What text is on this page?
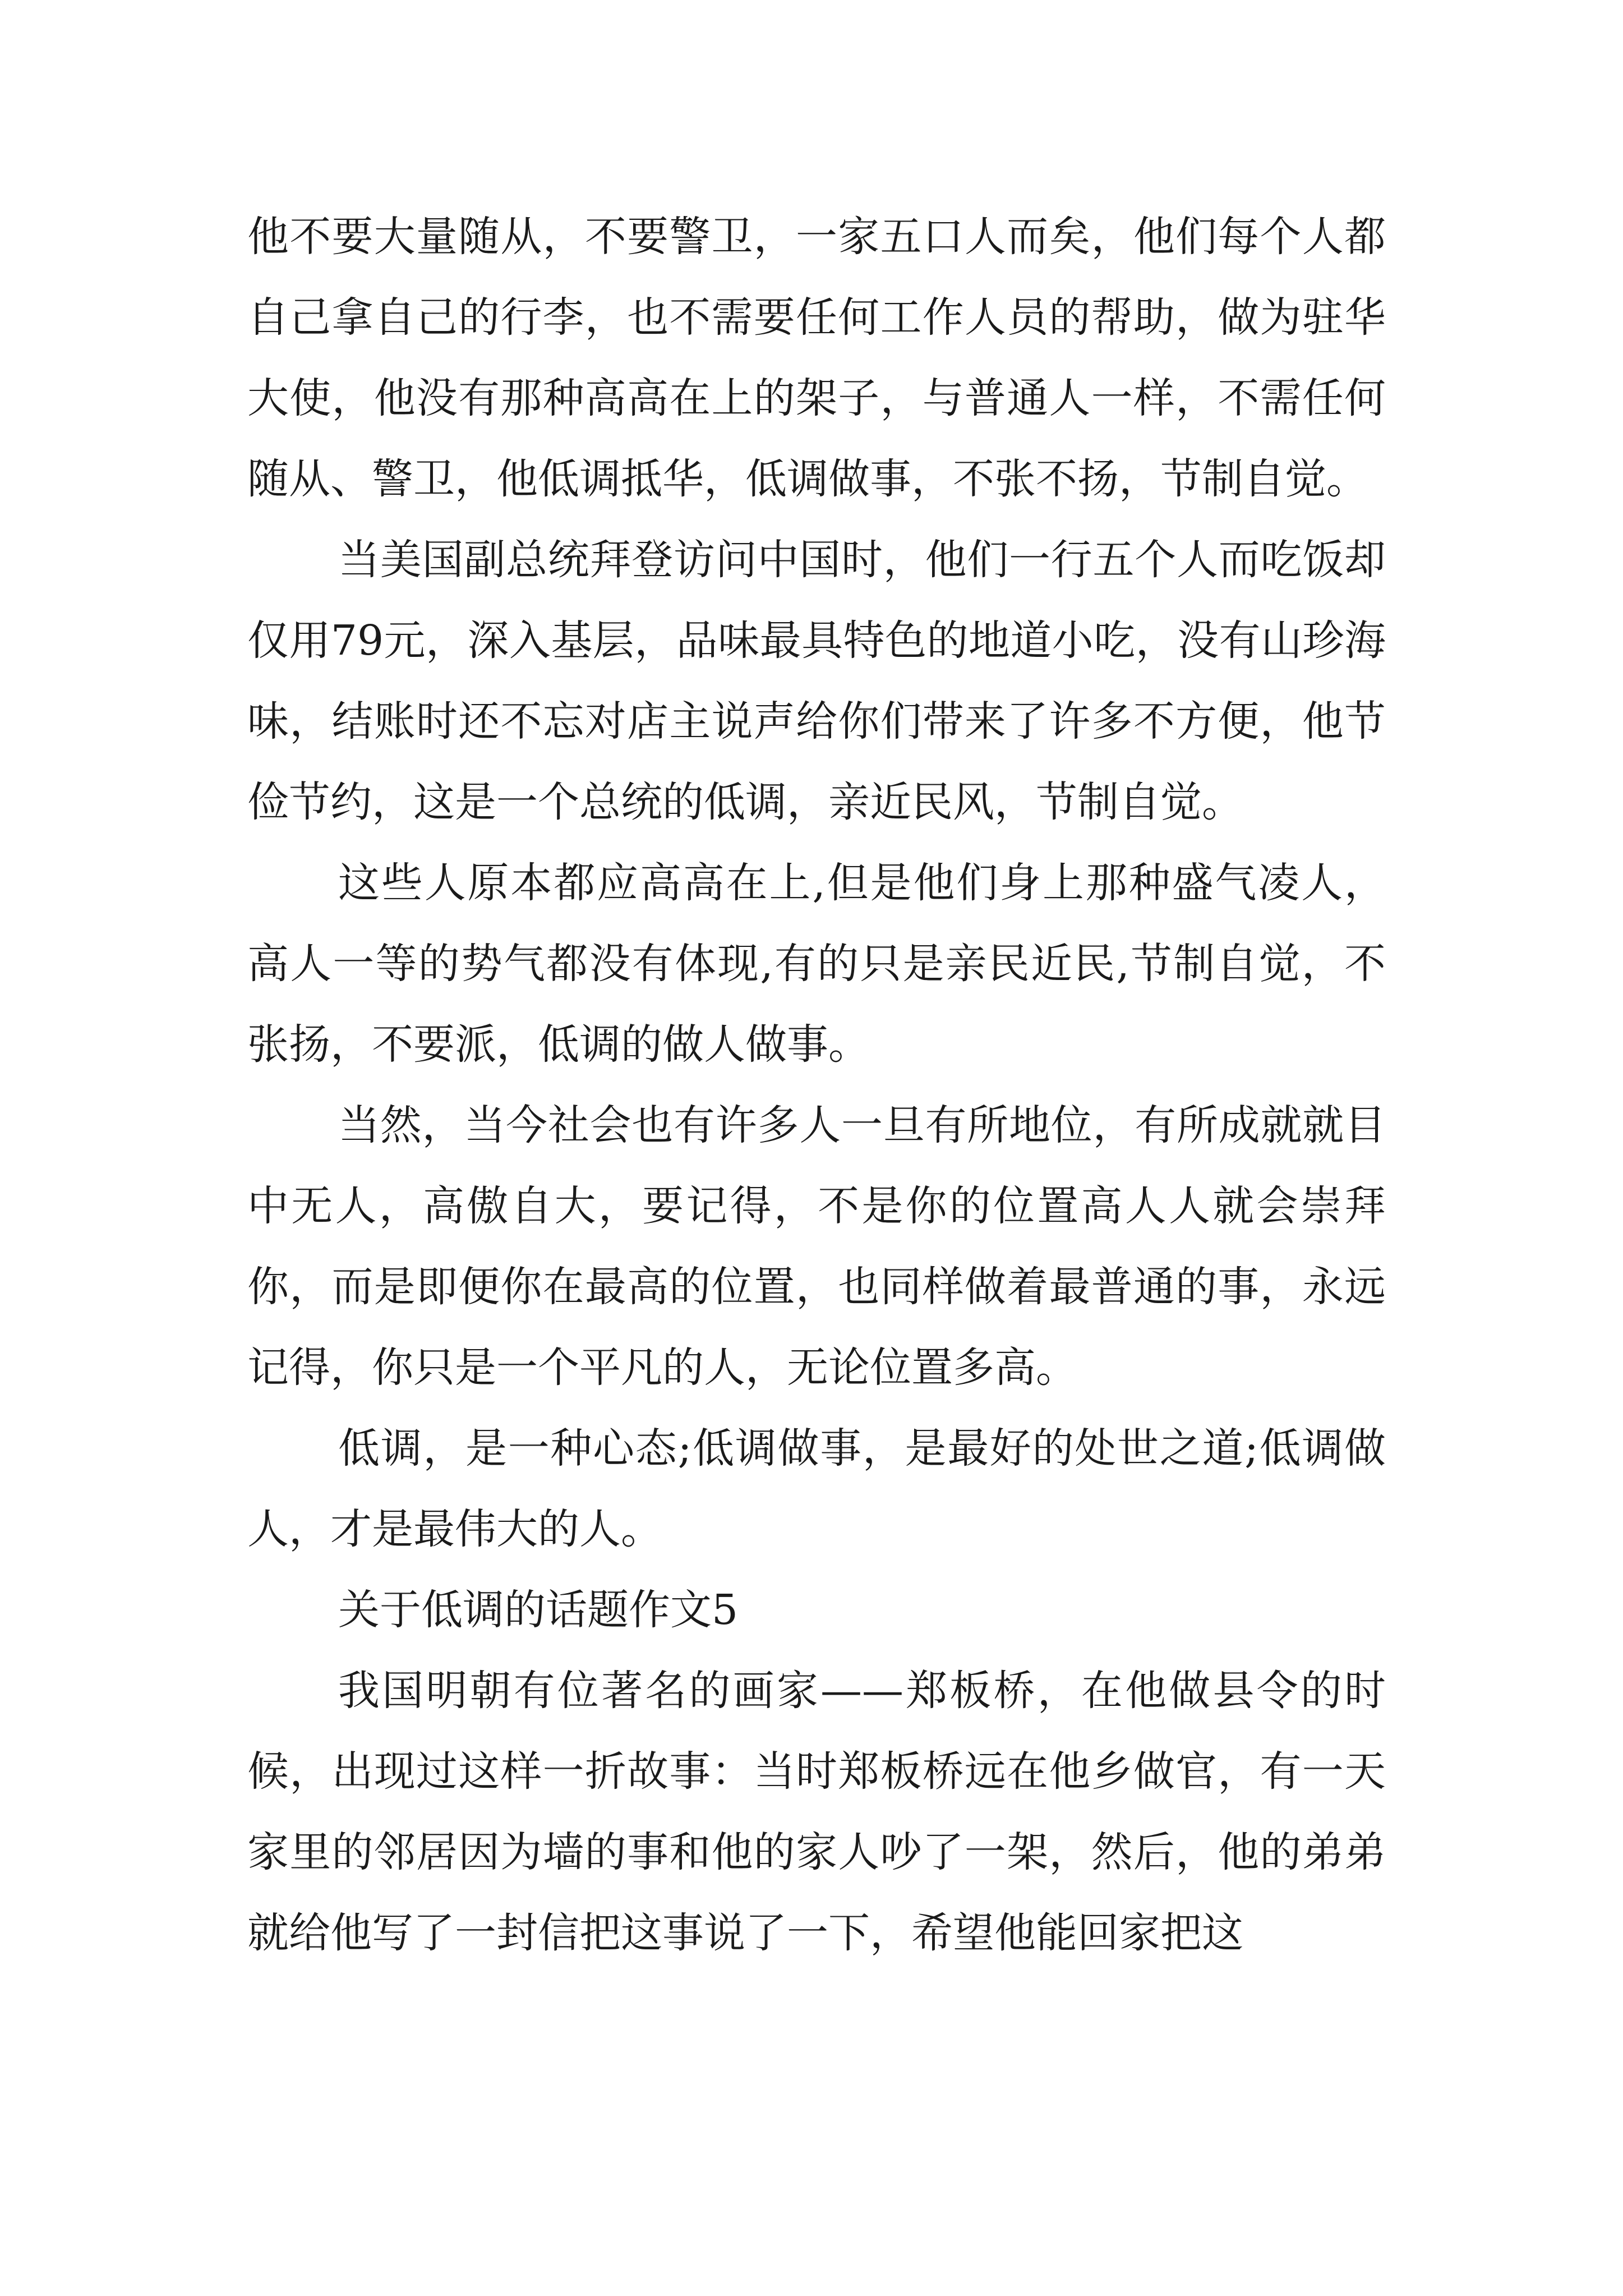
他不要大量随从，不要警卫，一家五口人而矣，他们每个人都自己拿自己的行李，也不需要任何工作人员的帮助，做为驻华大使，他没有那种高高在上的架子，与普通人一样，不需任何随从、警卫，他低调抵华，低调做事，不张不扬，节制自觉。

当美国副总统拜登访问中国时，他们一行五个人而吃饭却仅用79元，深入基层，品味最具特色的地道小吃，没有山珍海味，结账时还不忘对店主说声给你们带来了许多不方便，他节俭节约，这是一个总统的低调，亲近民风，节制自觉。

这些人原本都应高高在上,但是他们身上那种盛气凌人，高人一等的势气都没有体现,有的只是亲民近民,节制自觉，不张扬，不要派，低调的做人做事。

当然，当今社会也有许多人一旦有所地位，有所成就就目中无人，高傲自大，要记得，不是你的位置高人人就会崇拜你，而是即便你在最高的位置，也同样做着最普通的事，永远记得，你只是一个平凡的人，无论位置多高。

低调，是一种心态;低调做事，是最好的处世之道;低调做人，才是最伟大的人。

关于低调的话题作文5

我国明朝有位著名的画家——郑板桥，在他做县令的时候，出现过这样一折故事：当时郑板桥远在他乡做官，有一天家里的邻居因为墙的事和他的家人吵了一架，然后，他的弟弟就给他写了一封信把这事说了一下，希望他能回家把这
